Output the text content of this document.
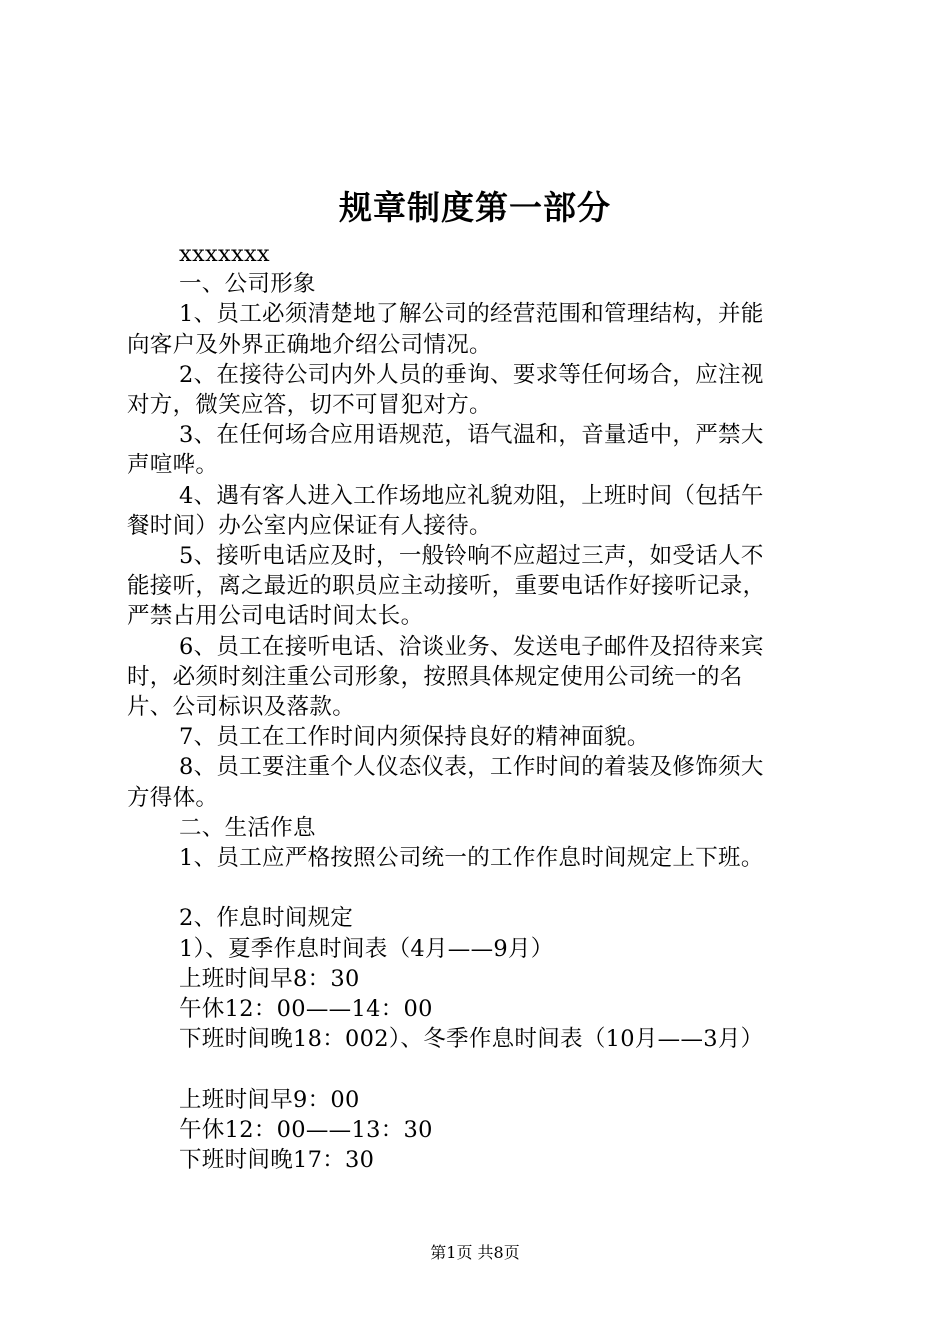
规章制度第一部分
xxxxxxx
一、公司形象
1、员工必须清楚地了解公司的经营范围和管理结构，并能
向客户及外界正确地介绍公司情况。
2、在接待公司内外人员的垂询、要求等任何场合，应注视
对方，微笑应答，切不可冒犯对方。
3、在任何场合应用语规范，语气温和，音量适中，严禁大
声喧哗。
4、遇有客人进入工作场地应礼貌劝阻，上班时间（包括午
餐时间）办公室内应保证有人接待。
5、接听电话应及时，一般铃响不应超过三声，如受话人不
能接听，离之最近的职员应主动接听，重要电话作好接听记录，
严禁占用公司电话时间太长。
6、员工在接听电话、洽谈业务、发送电子邮件及招待来宾
时，必须时刻注重公司形象，按照具体规定使用公司统一的名
片、公司标识及落款。
7、员工在工作时间内须保持良好的精神面貌。
8、员工要注重个人仪态仪表，工作时间的着装及修饰须大
方得体。
二、生活作息
1、员工应严格按照公司统一的工作作息时间规定上下班。
2、作息时间规定
1）、夏季作息时间表（4月——9月）
上班时间早8：30
午休12：00——14：00
下班时间晚18：002）、冬季作息时间表（10月——3月）
上班时间早9：00
午休12：00——13：30
下班时间晚17：30
第1页 共8页
